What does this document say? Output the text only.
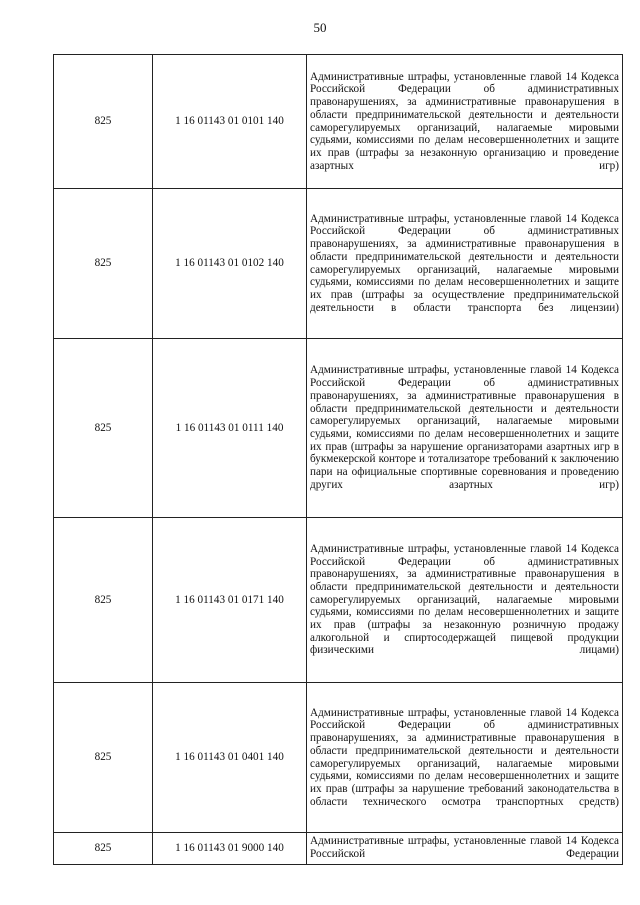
50
825	1 16 01143 01 0101 140	Административные штрафы, установленные главой 14 Кодекса Российской Федерации об административных правонарушениях, за административные правонарушения в области предпринимательской деятельности и деятельности саморегулируемых организаций, налагаемые мировыми судьями, комиссиями по делам несовершеннолетних и защите их прав (штрафы за незаконную организацию и проведение азартных игр)

825	1 16 01143 01 0102 140	Административные штрафы, установленные главой 14 Кодекса Российской Федерации об административных правонарушениях, за административные правонарушения в области предпринимательской деятельности и деятельности саморегулируемых организаций, налагаемые мировыми судьями, комиссиями по делам несовершеннолетних и защите их прав (штрафы за осуществление предпринимательской деятельности в области транспорта без лицензии)

825	1 16 01143 01 0111 140	Административные штрафы, установленные главой 14 Кодекса Российской Федерации об административных правонарушениях, за административные правонарушения в области предпринимательской деятельности и деятельности саморегулируемых организаций, налагаемые мировыми судьями, комиссиями по делам несовершеннолетних и защите их прав (штрафы за нарушение организаторами азартных игр в букмекерской конторе и тотализаторе требований к заключению пари на официальные спортивные соревнования и проведению других азартных игр)

825	1 16 01143 01 0171 140	Административные штрафы, установленные главой 14 Кодекса Российской Федерации об административных правонарушениях, за административные правонарушения в области предпринимательской деятельности и деятельности саморегулируемых организаций, налагаемые мировыми судьями, комиссиями по делам несовершеннолетних и защите их прав (штрафы за незаконную розничную продажу алкогольной и спиртосодержащей пищевой продукции физическими лицами)

825	1 16 01143 01 0401 140	Административные штрафы, установленные главой 14 Кодекса Российской Федерации об административных правонарушениях, за административные правонарушения в области предпринимательской деятельности и деятельности саморегулируемых организаций, налагаемые мировыми судьями, комиссиями по делам несовершеннолетних и защите их прав (штрафы за нарушение требований законодательства в области технического осмотра транспортных средств)

825	1 16 01143 01 9000 140	Административные штрафы, установленные главой 14 Кодекса Российской Федерации
